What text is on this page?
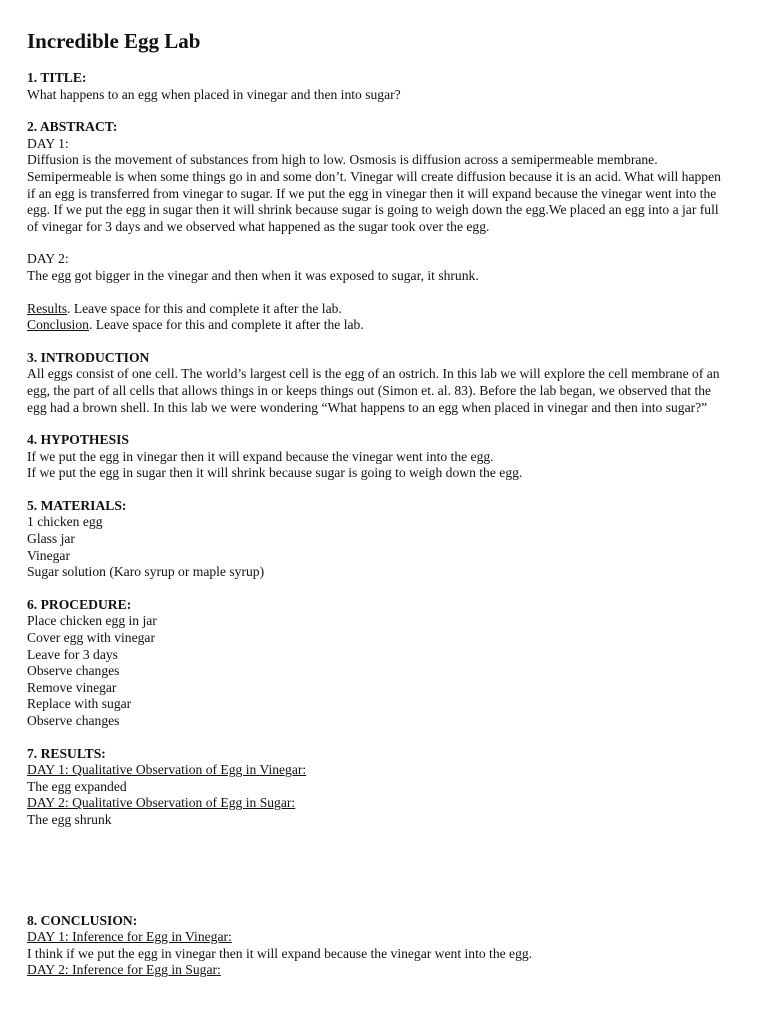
Incredible Egg Lab
1. TITLE:
What happens to an egg when placed in vinegar and then into sugar?
2. ABSTRACT:
DAY 1:
Diffusion is the movement of substances from high to low. Osmosis is diffusion across a semipermeable membrane.
Semipermeable is when some things go in and some don’t. Vinegar will create diffusion because it is an acid. What will happen
if an egg is transferred from vinegar to sugar. If we put the egg in vinegar then it will expand because the vinegar went into the
egg. If we put the egg in sugar then it will shrink because sugar is going to weigh down the egg.We placed an egg into a jar full
of vinegar for 3 days and we observed what happened as the sugar took over the egg.
DAY 2:
The egg got bigger in the vinegar and then when it was exposed to sugar, it shrunk.
Results. Leave space for this and complete it after the lab.
Conclusion. Leave space for this and complete it after the lab.
3. INTRODUCTION
All eggs consist of one cell. The world’s largest cell is the egg of an ostrich. In this lab we will explore the cell membrane of an
egg, the part of all cells that allows things in or keeps things out (Simon et. al. 83). Before the lab began, we observed that the
egg had a brown shell. In this lab we were wondering “What happens to an egg when placed in vinegar and then into sugar?”
4. HYPOTHESIS
If we put the egg in vinegar then it will expand because the vinegar went into the egg.
If we put the egg in sugar then it will shrink because sugar is going to weigh down the egg.
5. MATERIALS:
1 chicken egg
Glass jar
Vinegar
Sugar solution (Karo syrup or maple syrup)
6. PROCEDURE:
Place chicken egg in jar
Cover egg with vinegar
Leave for 3 days
Observe changes
Remove vinegar
Replace with sugar
Observe changes
7. RESULTS:
DAY 1: Qualitative Observation of Egg in Vinegar:
The egg expanded
DAY 2: Qualitative Observation of Egg in Sugar:
The egg shrunk
8. CONCLUSION:
DAY 1: Inference for Egg in Vinegar:
I think if we put the egg in vinegar then it will expand because the vinegar went into the egg.
DAY 2: Inference for Egg in Sugar:
